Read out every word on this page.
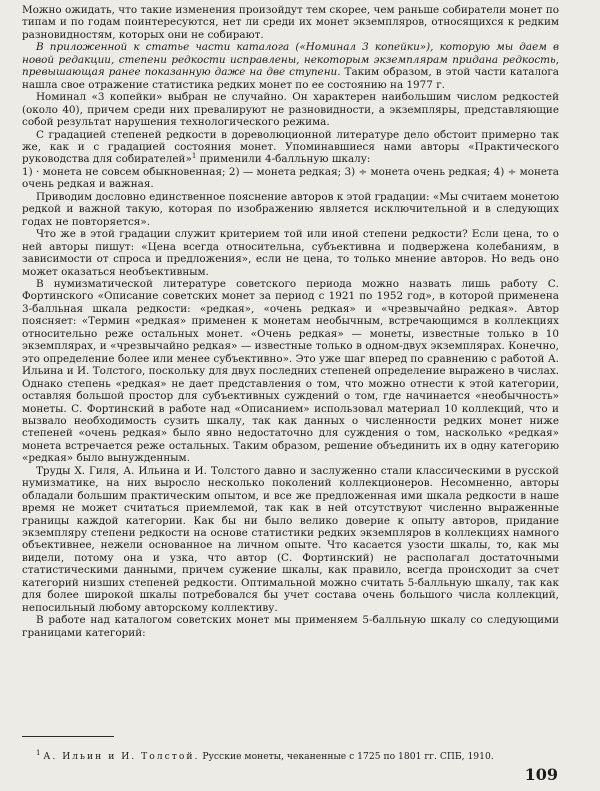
Можно ожидать, что такие изменения произойдут тем скорее, чем раньше собиратели монет по типам и по годам поинтересуются, нет ли среди их монет экземпляров, относящихся к редким разновидностям, которых они не собирают.

В приложенной к статье части каталога («Номинал 3 копейки»), которую мы даем в новой редакции, степени редкости исправлены, некоторым экземплярам придана редкость, превышающая ранее показанную даже на две ступени. Таким образом, в этой части каталога нашла свое отражение статистика редких монет по ее состоянию на 1977 г.

Номинал «3 копейки» выбран не случайно. Он характерен наибольшим числом редкостей (около 40), причем среди них превалируют не разновидности, а экземпляры, представляющие собой результат нарушения технологического режима.

С градацией степеней редкости в дореволюционной литературе дело обстоит примерно так же, как и с градацией состояния монет. Упоминавшиеся нами авторы «Практического руководства для собирателей»$^1$ применили 4-балльную шкалу:

1) · монета не совсем обыкновенная; 2) — монета редкая; 3) ÷ монета очень редкая; 4) ÷ монета очень редкая и важная.

Приводим дословно единственное пояснение авторов к этой градации: «Мы считаем монетою редкой и важной такую, которая по изображению является исключительной и в следующих годах не повторяется».

Что же в этой градации служит критерием той или иной степени редкости? Если цена, то о ней авторы пишут: «Цена всегда относительна, субъективна и подвержена колебаниям, в зависимости от спроса и предложения», если не цена, то только мнение авторов. Но ведь оно может оказаться необъективным.

В нумизматической литературе советского периода можно назвать лишь работу С. Фортинского «Описание советских монет за период с 1921 по 1952 год», в которой применена 3-балльная шкала редкости: «редкая», «очень редкая» и «чрезвычайно редкая». Автор поясняет: «Термин «редкая» применен к монетам необычным, встречающимся в коллекциях относительно реже остальных монет. «Очень редкая» — монеты, известные только в 10 экземплярах, и «чрезвычайно редкая» — известные только в одном-двух экземплярах. Конечно, это определение более или менее субъективно». Это уже шаг вперед по сравнению с работой А. Ильина и И. Толстого, поскольку для двух последних степеней определение выражено в числах. Однако степень «редкая» не дает представления о том, что можно отнести к этой категории, оставляя большой простор для субъективных суждений о том, где начинается «необычность» монеты. С. Фортинский в работе над «Описанием» использовал материал 10 коллекций, что и вызвало необходимость сузить шкалу, так как данных о численности редких монет ниже степеней «очень редкая» было явно недостаточно для суждения о том, насколько «редкая» монета встречается реже остальных. Таким образом, решение объединить их в одну категорию «редкая» было вынужденным.

Труды Х. Гиля, А. Ильина и И. Толстого давно и заслуженно стали классическими в русской нумизматике, на них выросло несколько поколений коллекционеров. Несомненно, авторы обладали большим практическим опытом, и все же предложенная ими шкала редкости в наше время не может считаться приемлемой, так как в ней отсутствуют численно выраженные границы каждой категории. Как бы ни было велико доверие к опыту авторов, придание экземпляру степени редкости на основе статистики редких экземпляров в коллекциях намного объективнее, нежели основанное на личном опыте. Что касается узости шкалы, то, как мы видели, потому она и узка, что автор (С. Фортинский) не располагал достаточными статистическими данными, причем сужение шкалы, как правило, всегда происходит за счет категорий низших степеней редкости. Оптимальной можно считать 5-балльную шкалу, так как для более широкой шкалы потребовался бы учет состава очень большого числа коллекций, непосильный любому авторскому коллективу.

В работе над каталогом советских монет мы применяем 5-балльную шкалу со следующими границами категорий:

$^1$ А. Ильин и И. Толстой. Русские монеты, чеканенные с 1725 по 1801 гг. СПБ, 1910.

109
